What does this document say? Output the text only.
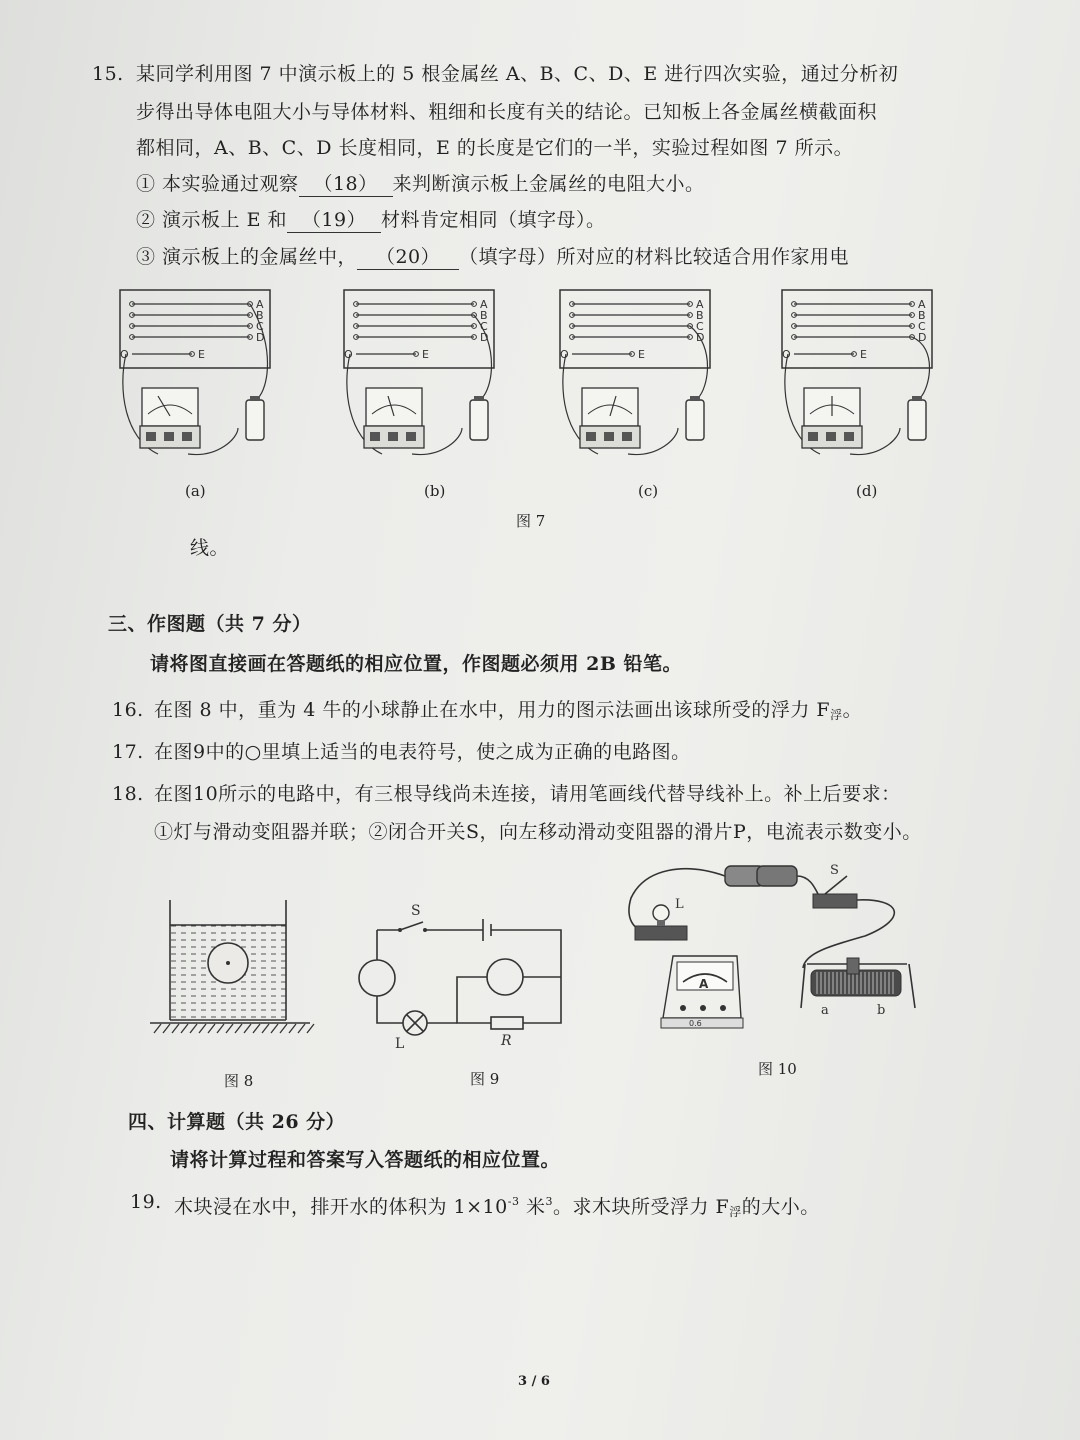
15. 某同学利用图 7 中演示板上的 5 根金属丝 A、B、C、D、E 进行四次实验，通过分析初
步得出导体电阻大小与导体材料、粗细和长度有关的结论。已知板上各金属丝横截面积
都相同，A、B、C、D 长度相同，E 的长度是它们的一半，实验过程如图 7 所示。
① 本实验通过观察 （18） 来判断演示板上金属丝的电阻大小。
② 演示板上 E 和 （19） 材料肯定相同（填字母）。
③ 演示板上的金属丝中， （20） （填字母）所对应的材料比较适合用作家用电
A
B
C
D
E
O
A
B
C
D
E
O
A
B
C
D
E
O
A
B
C
D
E
O
(a)	(b)	(c)	(d)
图 7
线。
三、作图题（共 7 分）
请将图直接画在答题纸的相应位置，作图题必须用 2B 铅笔。
16. 在图 8 中，重为 4 牛的小球静止在水中，用力的图示法画出该球所受的浮力 $F_浮$。
17. 在图9中的○里填上适当的电表符号，使之成为正确的电路图。
18. 在图10所示的电路中，有三根导线尚未连接，请用笔画线代替导线补上。补上后要求：
①灯与滑动变阻器并联；②闭合开关S，向左移动滑动变阻器的滑片P，电流表示数变小。
图 8
S
L	R
图 9
L
S
A
0.6
a	b
图 10
四、计算题（共 26 分）
请将计算过程和答案写入答题纸的相应位置。
19. 木块浸在水中，排开水的体积为 $1\times 10^{-3}$ 米$^3$。求木块所受浮力 $F_浮$的大小。
3 / 6
